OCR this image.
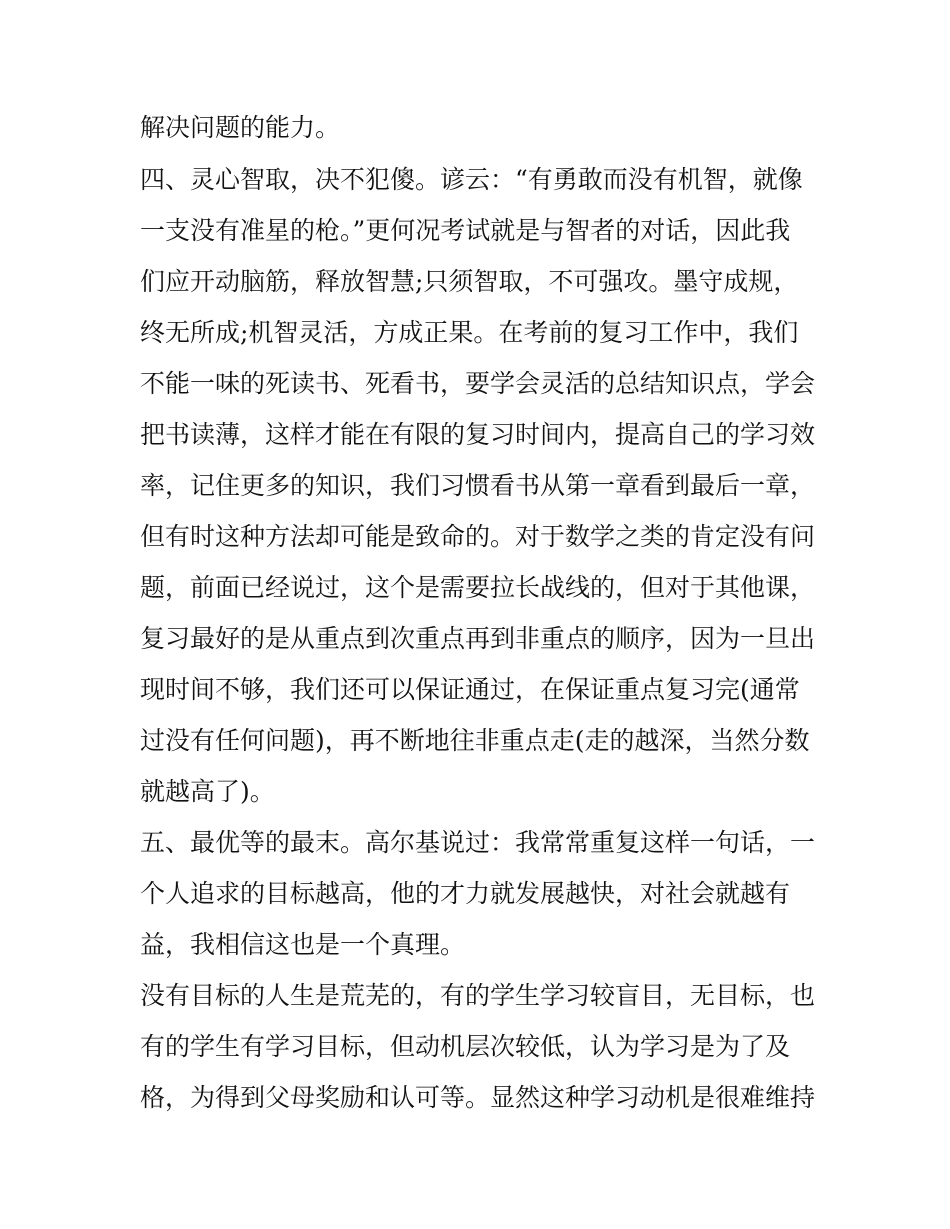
解决问题的能力。
四、灵心智取，决不犯傻。谚云：“有勇敢而没有机智，就像
一支没有准星的枪。”更何况考试就是与智者的对话，因此我
们应开动脑筋，释放智慧;只须智取，不可强攻。墨守成规，
终无所成;机智灵活，方成正果。在考前的复习工作中，我们
不能一味的死读书、死看书，要学会灵活的总结知识点，学会
把书读薄，这样才能在有限的复习时间内，提高自己的学习效
率，记住更多的知识，我们习惯看书从第一章看到最后一章，
但有时这种方法却可能是致命的。对于数学之类的肯定没有问
题，前面已经说过，这个是需要拉长战线的，但对于其他课，
复习最好的是从重点到次重点再到非重点的顺序，因为一旦出
现时间不够，我们还可以保证通过，在保证重点复习完(通常
过没有任何问题)，再不断地往非重点走(走的越深，当然分数
就越高了)。
五、最优等的最末。高尔基说过：我常常重复这样一句话，一
个人追求的目标越高，他的才力就发展越快，对社会就越有
益，我相信这也是一个真理。
没有目标的人生是荒芜的，有的学生学习较盲目，无目标，也
有的学生有学习目标，但动机层次较低，认为学习是为了及
格，为得到父母奖励和认可等。显然这种学习动机是很难维持
